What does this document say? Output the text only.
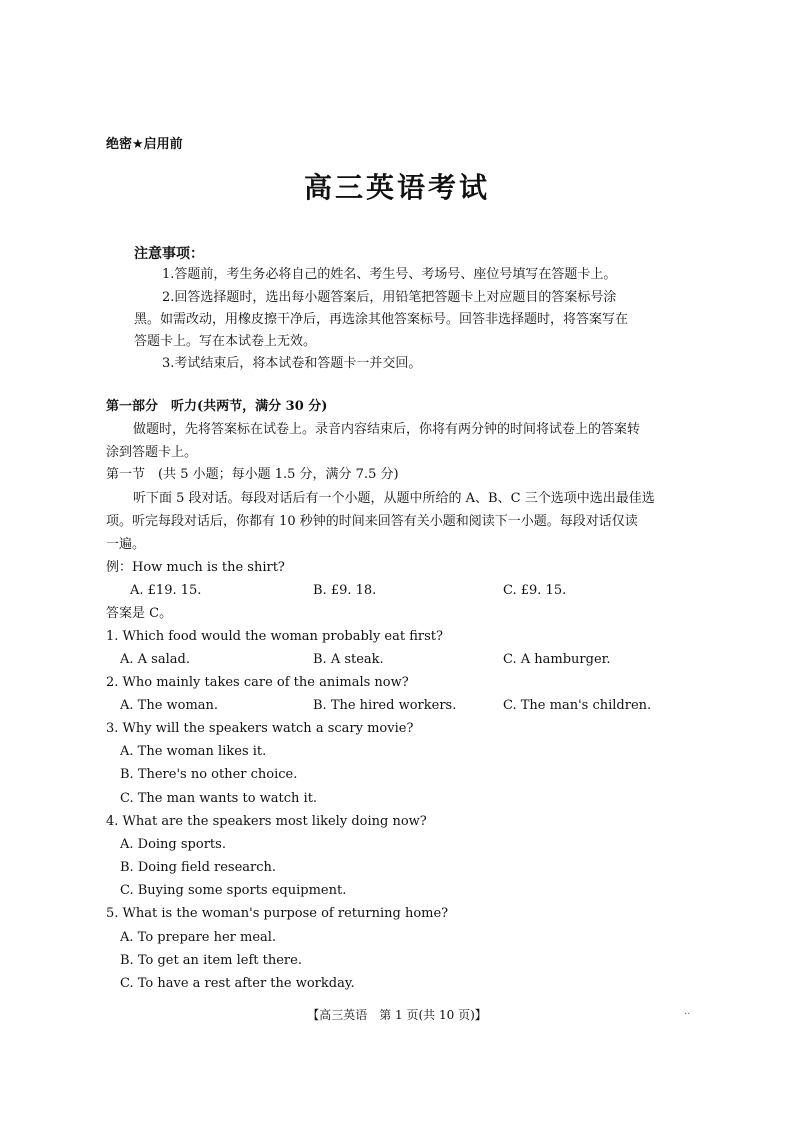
绝密★启用前
高三英语考试
注意事项：
1.答题前，考生务必将自己的姓名、考生号、考场号、座位号填写在答题卡上。
2.回答选择题时，选出每小题答案后，用铅笔把答题卡上对应题目的答案标号涂
黑。如需改动，用橡皮擦干净后，再选涂其他答案标号。回答非选择题时，将答案写在
答题卡上。写在本试卷上无效。
3.考试结束后，将本试卷和答题卡一并交回。
第一部分　听力(共两节，满分 30 分)
做题时，先将答案标在试卷上。录音内容结束后，你将有两分钟的时间将试卷上的答案转
涂到答题卡上。
第一节　(共 5 小题；每小题 1.5 分，满分 7.5 分)
听下面 5 段对话。每段对话后有一个小题，从题中所给的 A、B、C 三个选项中选出最佳选
项。听完每段对话后，你都有 10 秒钟的时间来回答有关小题和阅读下一小题。每段对话仅读
一遍。
例：How much is the shirt?
A. £19. 15.	B. £9. 18.	C. £9. 15.
答案是 C。
1. Which food would the woman probably eat first?
A. A salad.	B. A steak.	C. A hamburger.
2. Who mainly takes care of the animals now?
A. The woman.	B. The hired workers.	C. The man's children.
3. Why will the speakers watch a scary movie?
A. The woman likes it.
B. There's no other choice.
C. The man wants to watch it.
4. What are the speakers most likely doing now?
A. Doing sports.
B. Doing field research.
C. Buying some sports equipment.
5. What is the woman's purpose of returning home?
A. To prepare her meal.
B. To get an item left there.
C. To have a rest after the workday.
【高三英语　第 1 页(共 10 页)】	..
